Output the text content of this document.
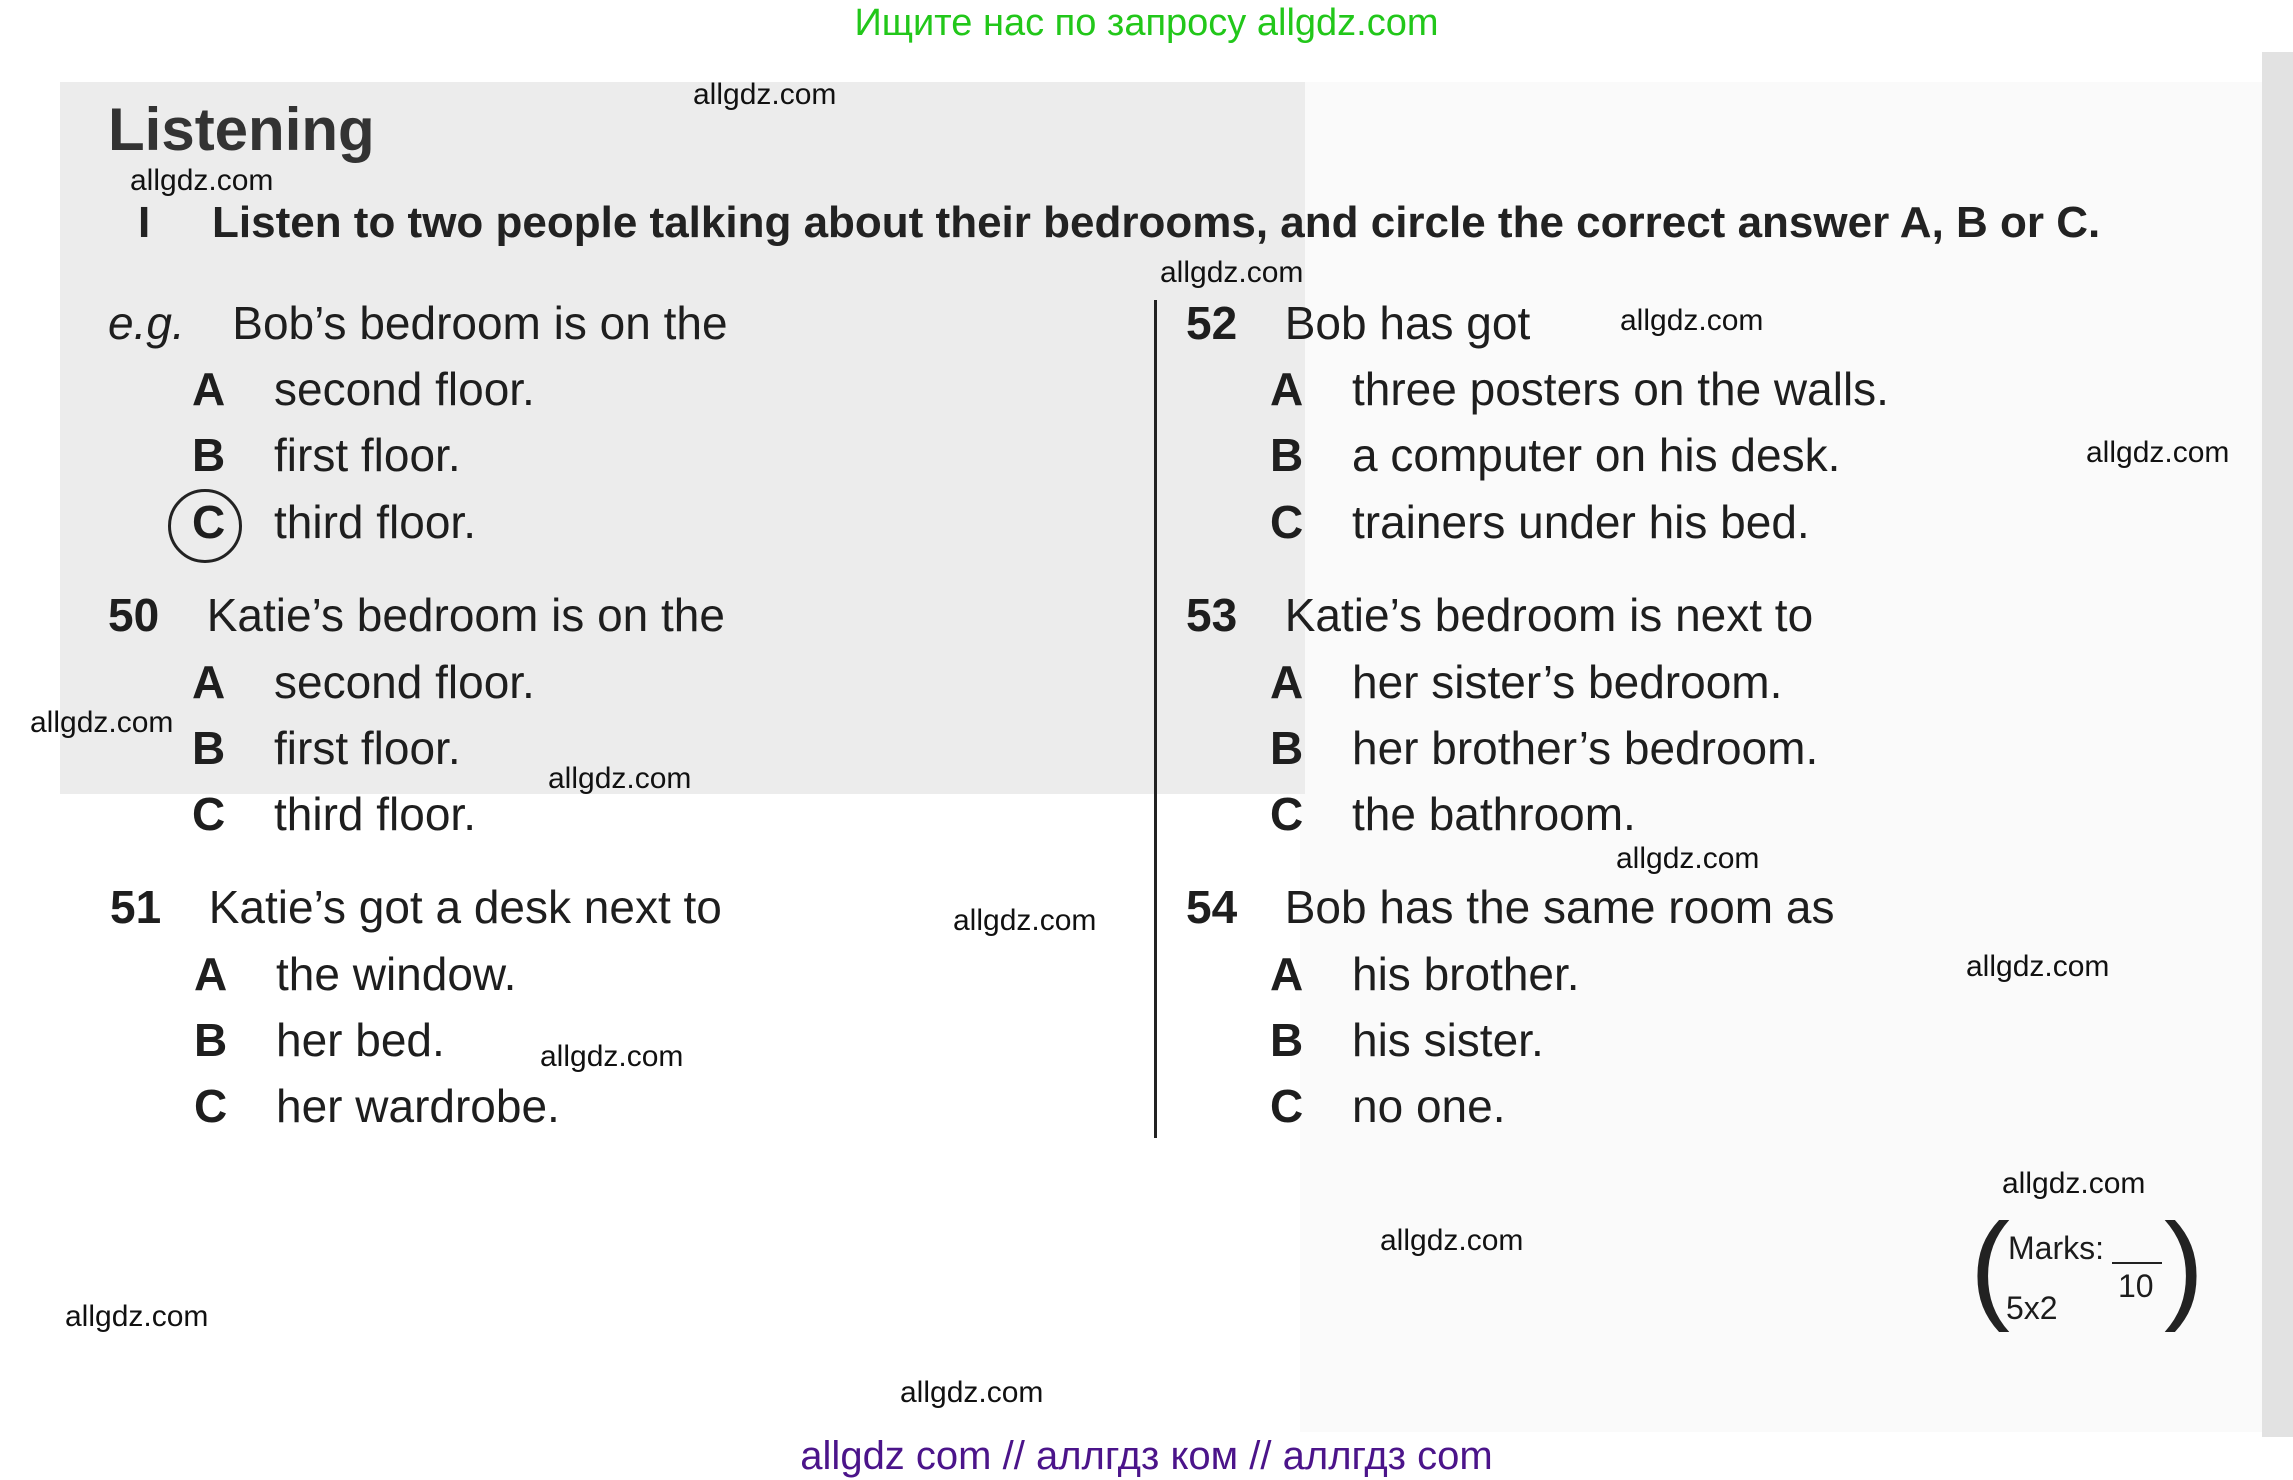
Ищите нас по запросу allgdz.com
Listening
I Listen to two people talking about their bedrooms, and circle the correct answer A, B or C.
e.g. Bob’s bedroom is on the
A second floor.
B first floor.
C third floor.
50 Katie’s bedroom is on the
A second floor.
B first floor.
C third floor.
51 Katie’s got a desk next to
A the window.
B her bed.
C her wardrobe.
52 Bob has got
A three posters on the walls.
B a computer on his desk.
C trainers under his bed.
53 Katie’s bedroom is next to
A her sister’s bedroom.
B her brother’s bedroom.
C the bathroom.
54 Bob has the same room as
A his brother.
B his sister.
C no one.
( )
Marks:
10
5x2
allgdz.com
allgdz.com
allgdz.com
allgdz.com
allgdz.com
allgdz.com
allgdz.com
allgdz.com
allgdz.com
allgdz.com
allgdz.com
allgdz.com
allgdz.com
allgdz.com
allgdz.com
allgdz com // аллгдз ком // аллгдз com
